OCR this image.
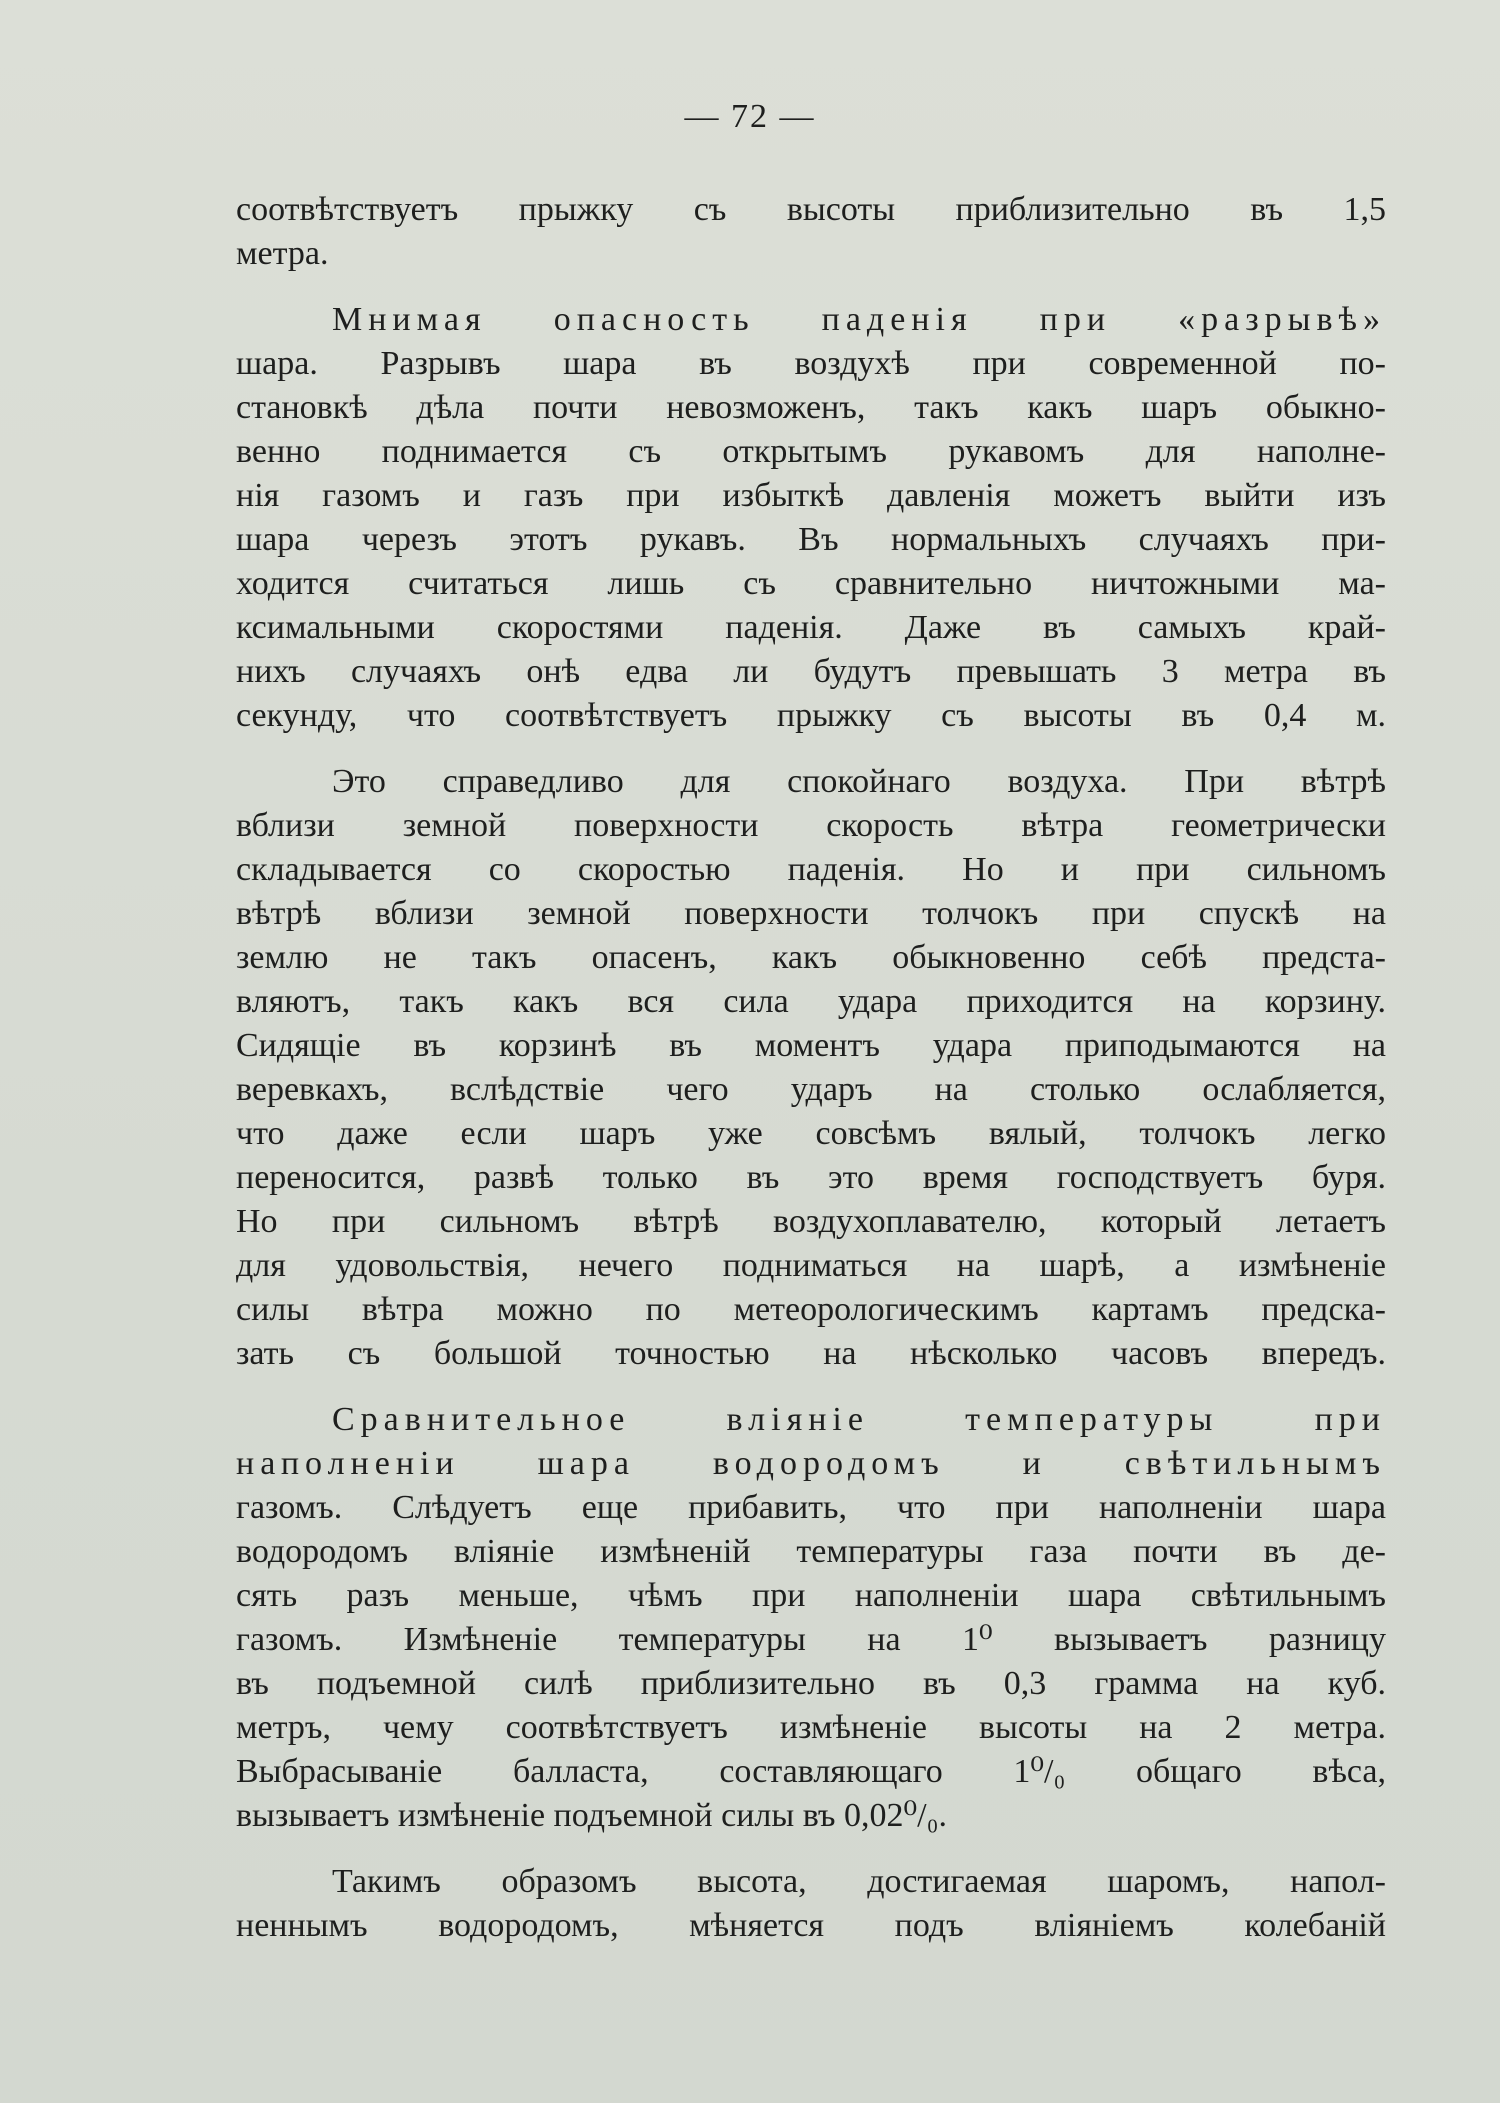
— 72 —
соотвѣтствуетъ прыжку съ высоты приблизительно въ 1,5
метра.
Мнимая опасность паденія при «разрывѣ»
шара. Разрывъ шара въ воздухѣ при современной по-
становкѣ дѣла почти невозможенъ, такъ какъ шаръ обыкно-
венно поднимается съ открытымъ рукавомъ для наполне-
нія газомъ и газъ при избыткѣ давленія можетъ выйти изъ
шара черезъ этотъ рукавъ. Въ нормальныхъ случаяхъ при-
ходится считаться лишь съ сравнительно ничтожными ма-
ксимальными скоростями паденія. Даже въ самыхъ край-
нихъ случаяхъ онѣ едва ли будутъ превышать 3 метра въ
секунду, что соотвѣтствуетъ прыжку съ высоты въ 0,4 м.
Это справедливо для спокойнаго воздуха. При вѣтрѣ
вблизи земной поверхности скорость вѣтра геометрически
складывается со скоростью паденія. Но и при сильномъ
вѣтрѣ вблизи земной поверхности толчокъ при спускѣ на
землю не такъ опасенъ, какъ обыкновенно себѣ предста-
вляютъ, такъ какъ вся сила удара приходится на корзину.
Сидящіе въ корзинѣ въ моментъ удара приподымаются на
веревкахъ, вслѣдствіе чего ударъ на столько ослабляется,
что даже если шаръ уже совсѣмъ вялый, толчокъ легко
переносится, развѣ только въ это время господствуетъ буря.
Но при сильномъ вѣтрѣ воздухоплавателю, который летаетъ
для удовольствія, нечего подниматься на шарѣ, а измѣненіе
силы вѣтра можно по метеорологическимъ картамъ предска-
зать съ большой точностью на нѣсколько часовъ впередъ.
Сравнительное вліяніе температуры при
наполненіи шара водородомъ и свѣтильнымъ
газомъ. Слѣдуетъ еще прибавить, что при наполненіи шара
водородомъ вліяніе измѣненій температуры газа почти въ де-
сять разъ меньше, чѣмъ при наполненіи шара свѣтильнымъ
газомъ. Измѣненіе температуры на 1⁰ вызываетъ разницу
въ подъемной силѣ приблизительно въ 0,3 грамма на куб.
метръ, чему соотвѣтствуетъ измѣненіе высоты на 2 метра.
Выбрасываніе балласта, составляющаго 1⁰/₀ общаго вѣса,
вызываетъ измѣненіе подъемной силы въ 0,02⁰/₀.
Такимъ образомъ высота, достигаемая шаромъ, напол-
неннымъ водородомъ, мѣняется подъ вліяніемъ колебаній
